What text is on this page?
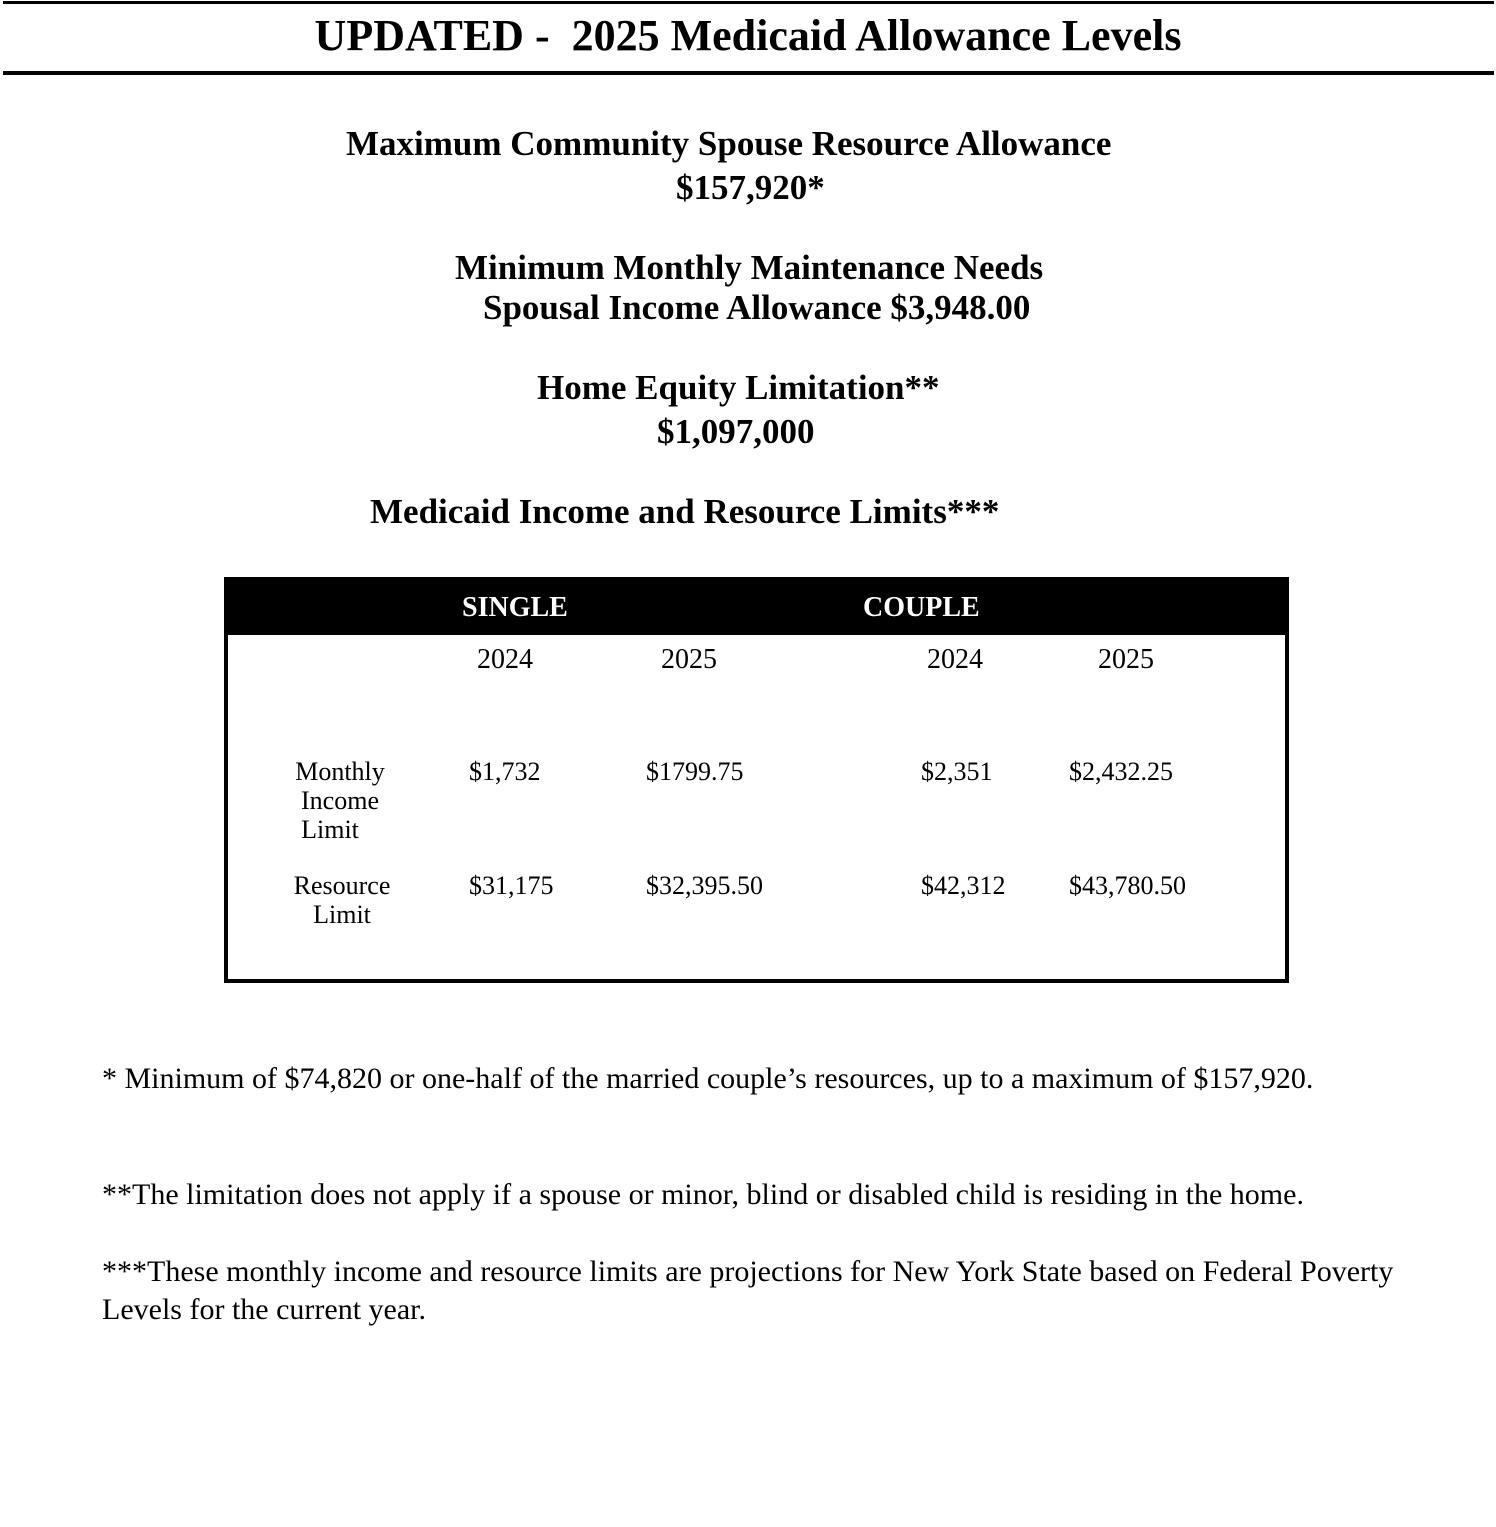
UPDATED -  2025 Medicaid Allowance Levels
Maximum Community Spouse Resource Allowance
$157,920*
Minimum Monthly Maintenance Needs
Spousal Income Allowance $3,948.00
Home Equity Limitation**
$1,097,000
Medicaid Income and Resource Limits***
SINGLE	COUPLE
2024	2025	2024	2025
Monthly
Income
Limit
$1,732	$1799.75	$2,351	$2,432.25
Resource
Limit
$31,175	$32,395.50	$42,312 $43,780.50
* Minimum of $74,820 or one-half of the married couple’s resources, up to a maximum of $157,920.
**The limitation does not apply if a spouse or minor, blind or disabled child is residing in the home.
***These monthly income and resource limits are projections for New York State based on Federal Poverty Levels for the current year.
